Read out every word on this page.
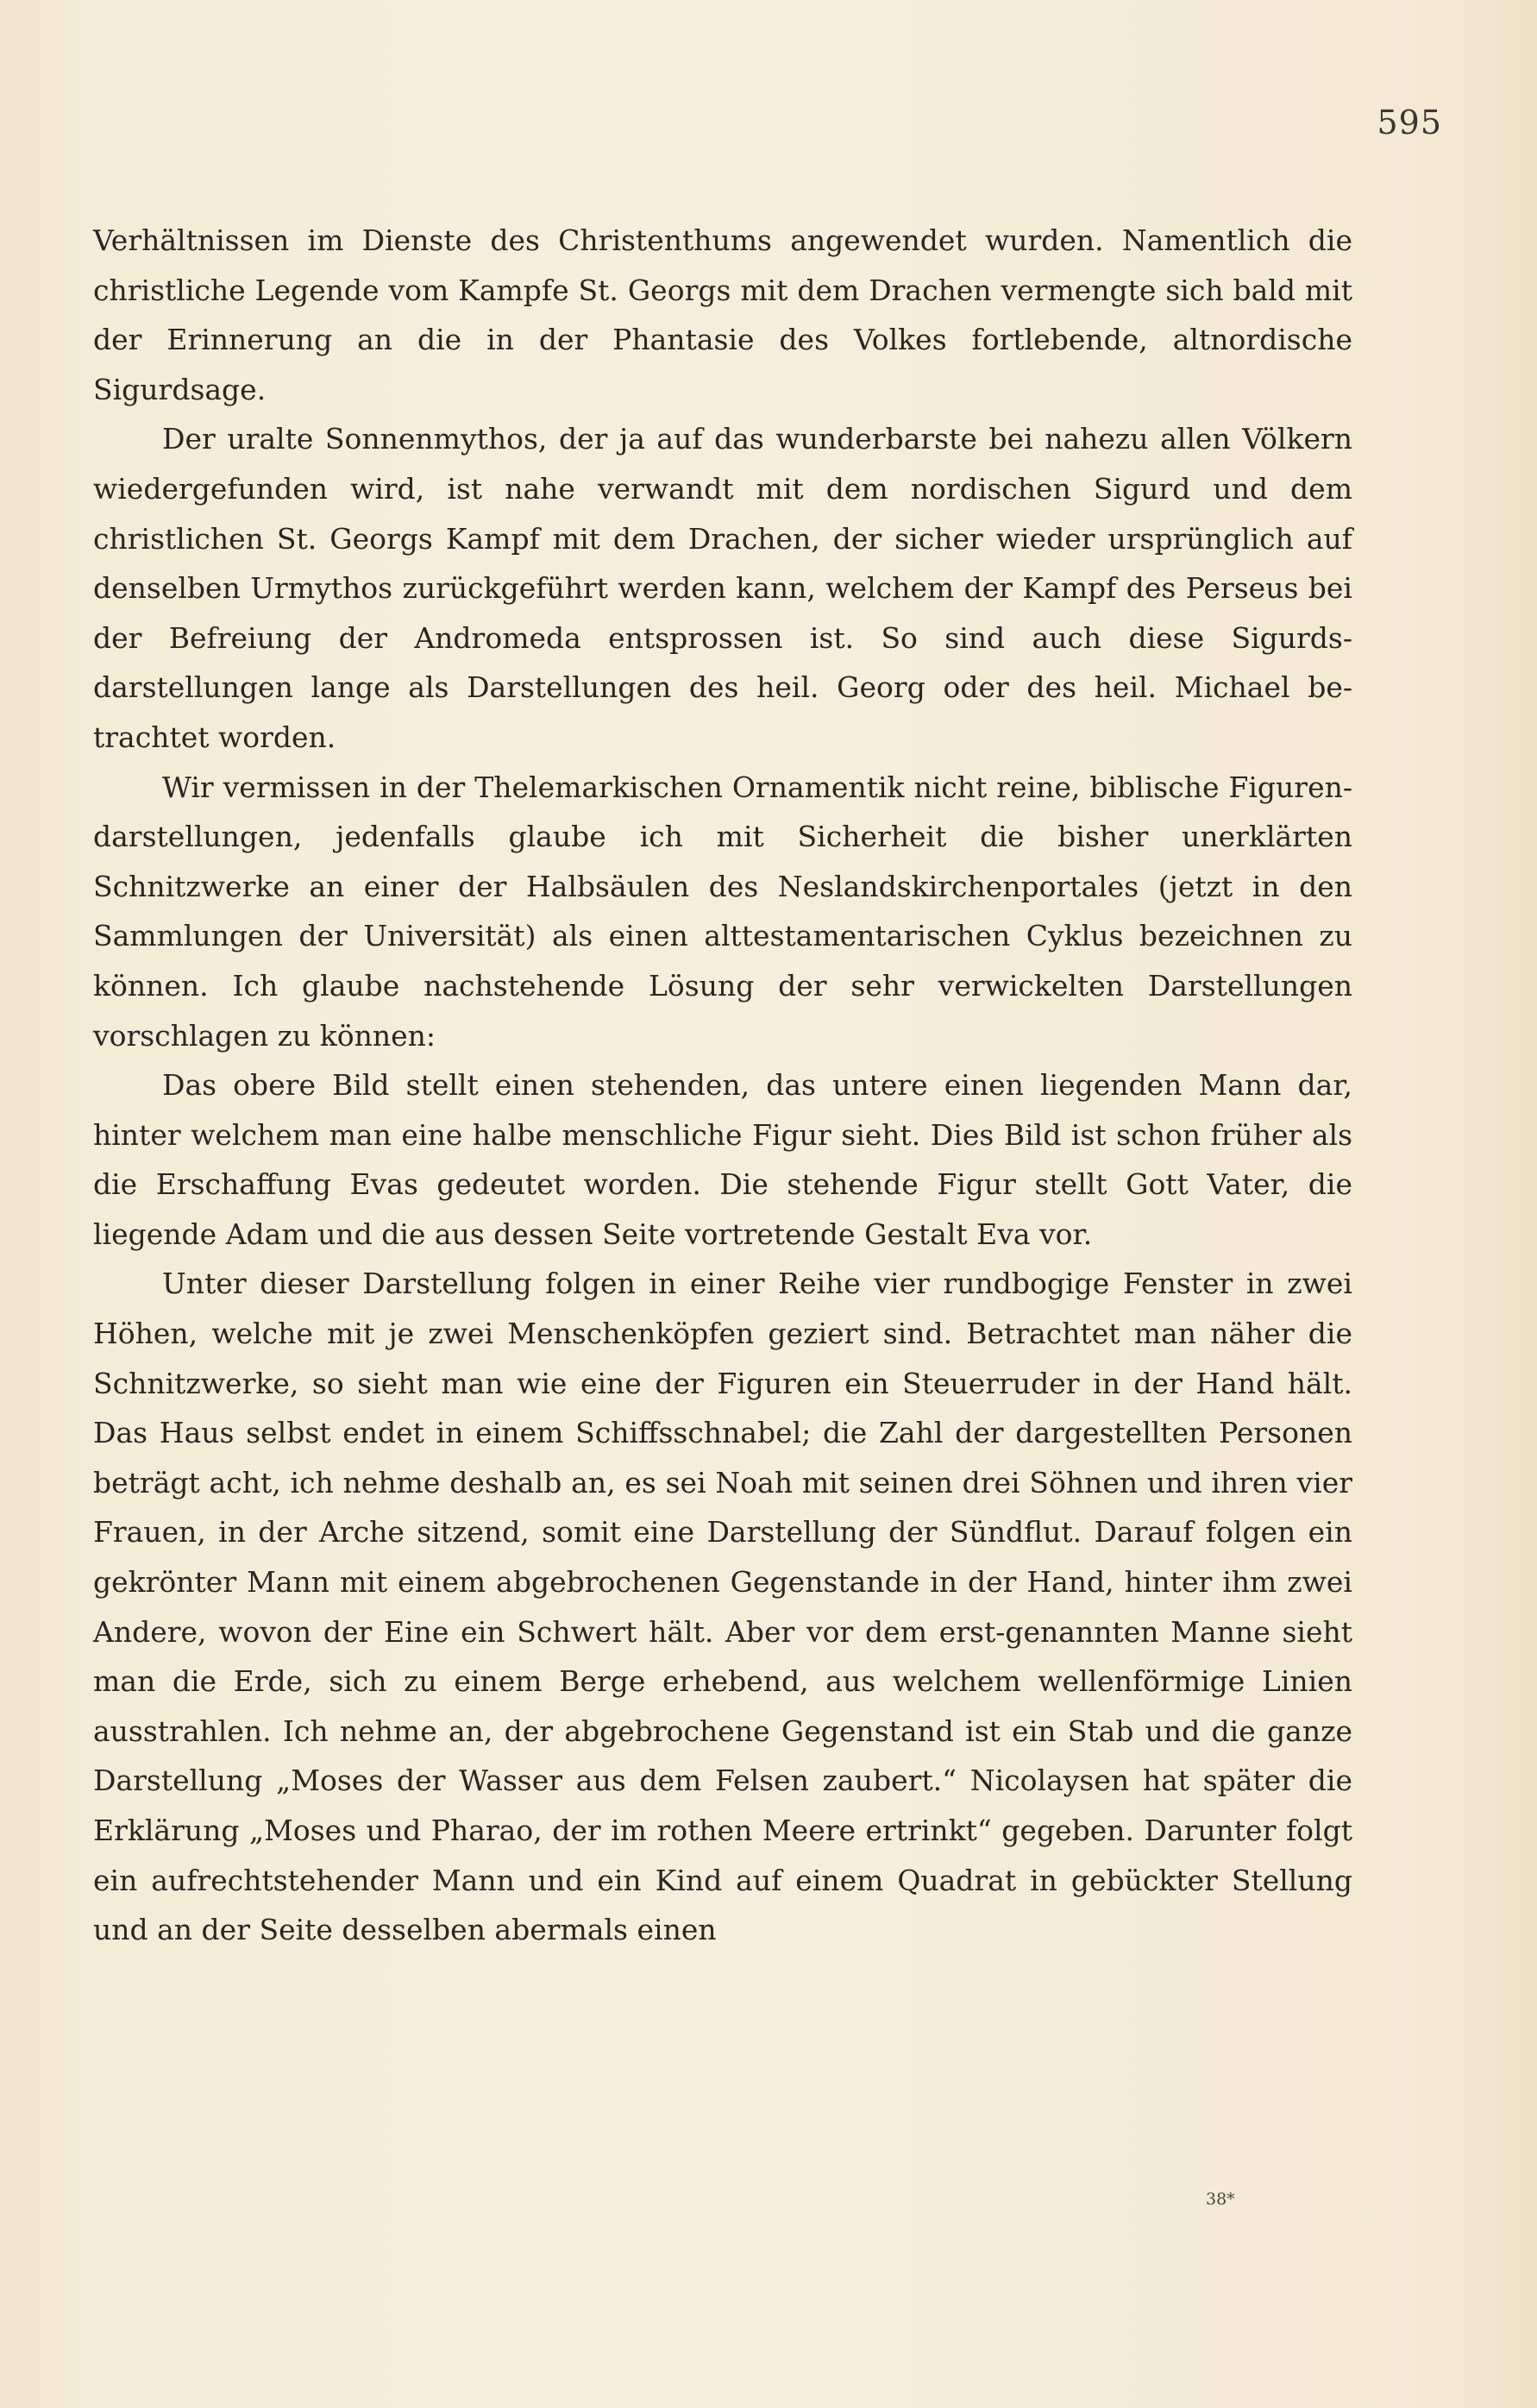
595

Verhältnissen im Dienste des Christenthums angewendet wurden. Namentlich die christliche Legende vom Kampfe St. Georgs mit dem Drachen vermengte sich bald mit der Erinnerung an die in der Phantasie des Volkes fortlebende, altnordische Sigurdsage.

Der uralte Sonnenmythos, der ja auf das wunderbarste bei nahezu allen Völkern wiedergefunden wird, ist nahe verwandt mit dem nordischen Sigurd und dem christlichen St. Georgs Kampf mit dem Drachen, der sicher wieder ursprünglich auf denselben Urmythos zurückgeführt werden kann, welchem der Kampf des Perseus bei der Befreiung der Andromeda entsprossen ist. So sind auch diese Sigurds-darstellungen lange als Darstellungen des heil. Georg oder des heil. Michael be-trachtet worden.

Wir vermissen in der Thelemarkischen Ornamentik nicht reine, biblische Figuren-darstellungen, jedenfalls glaube ich mit Sicherheit die bisher unerklärten Schnitzwerke an einer der Halbsäulen des Neslandskirchenportales (jetzt in den Sammlungen der Universität) als einen alttestamentarischen Cyklus bezeichnen zu können. Ich glaube nachstehende Lösung der sehr verwickelten Darstellungen vorschlagen zu können:

Das obere Bild stellt einen stehenden, das untere einen liegenden Mann dar, hinter welchem man eine halbe menschliche Figur sieht. Dies Bild ist schon früher als die Erschaffung Evas gedeutet worden. Die stehende Figur stellt Gott Vater, die liegende Adam und die aus dessen Seite vortretende Gestalt Eva vor.

Unter dieser Darstellung folgen in einer Reihe vier rundbogige Fenster in zwei Höhen, welche mit je zwei Menschenköpfen geziert sind. Betrachtet man näher die Schnitzwerke, so sieht man wie eine der Figuren ein Steuerruder in der Hand hält. Das Haus selbst endet in einem Schiffsschnabel; die Zahl der dargestellten Personen beträgt acht, ich nehme deshalb an, es sei Noah mit seinen drei Söhnen und ihren vier Frauen, in der Arche sitzend, somit eine Darstellung der Sündflut. Darauf folgen ein gekrönter Mann mit einem abgebrochenen Gegenstande in der Hand, hinter ihm zwei Andere, wovon der Eine ein Schwert hält. Aber vor dem erst-genannten Manne sieht man die Erde, sich zu einem Berge erhebend, aus welchem wellenförmige Linien ausstrahlen. Ich nehme an, der abgebrochene Gegenstand ist ein Stab und die ganze Darstellung „Moses der Wasser aus dem Felsen zaubert.“ Nicolaysen hat später die Erklärung „Moses und Pharao, der im rothen Meere ertrinkt“ gegeben. Darunter folgt ein aufrechtstehender Mann und ein Kind auf einem Quadrat in gebückter Stellung und an der Seite desselben abermals einen

38*
